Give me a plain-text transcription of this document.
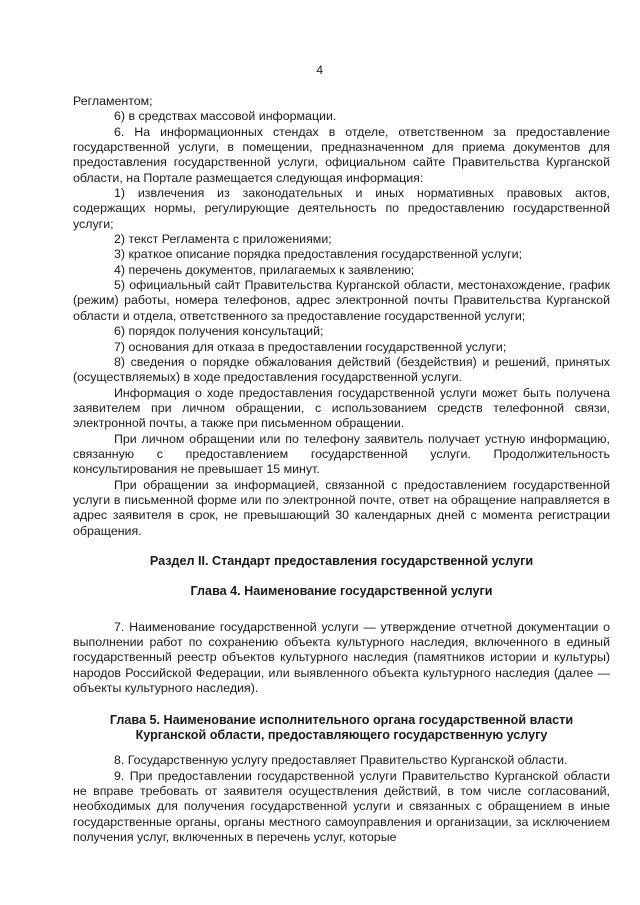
4

Регламентом;

6) в средствах массовой информации.

6. На информационных стендах в отделе, ответственном за предоставление государственной услуги, в помещении, предназначенном для приема документов для предоставления государственной услуги, официальном сайте Правительства Курганской области, на Портале размещается следующая информация:

1) извлечения из законодательных и иных нормативных правовых актов, содержащих нормы, регулирующие деятельность по предоставлению государственной услуги;

2) текст Регламента с приложениями;

3) краткое описание порядка предоставления государственной услуги;

4) перечень документов, прилагаемых к заявлению;

5) официальный сайт Правительства Курганской области, местонахождение, график (режим) работы, номера телефонов, адрес электронной почты Правительства Курганской области и отдела, ответственного за предоставление государственной услуги;

6) порядок получения консультаций;

7) основания для отказа в предоставлении государственной услуги;

8) сведения о порядке обжалования действий (бездействия) и решений, принятых (осуществляемых) в ходе предоставления государственной услуги.

Информация о ходе предоставления государственной услуги может быть получена заявителем при личном обращении, с использованием средств телефонной связи, электронной почты, а также при письменном обращении.

При личном обращении или по телефону заявитель получает устную информацию, связанную с предоставлением государственной услуги. Продолжительность консультирования не превышает 15 минут.

При обращении за информацией, связанной с предоставлением государственной услуги в письменной форме или по электронной почте, ответ на обращение направляется в адрес заявителя в срок, не превышающий 30 календарных дней с момента регистрации обращения.

Раздел II. Стандарт предоставления государственной услуги
Глава 4. Наименование государственной услуги

7. Наименование государственной услуги — утверждение отчетной документации о выполнении работ по сохранению объекта культурного наследия, включенного в единый государственный реестр объектов культурного наследия (памятников истории и культуры) народов Российской Федерации, или выявленного объекта культурного наследия (далее — объекты культурного наследия).

Глава 5. Наименование исполнительного органа государственной власти
Курганской области, предоставляющего государственную услугу

8. Государственную услугу предоставляет Правительство Курганской области.

9. При предоставлении государственной услуги Правительство Курганской области не вправе требовать от заявителя осуществления действий, в том числе согласований, необходимых для получения государственной услуги и связанных с обращением в иные государственные органы, органы местного самоуправления и организации, за исключением получения услуг, включенных в перечень услуг, которые
